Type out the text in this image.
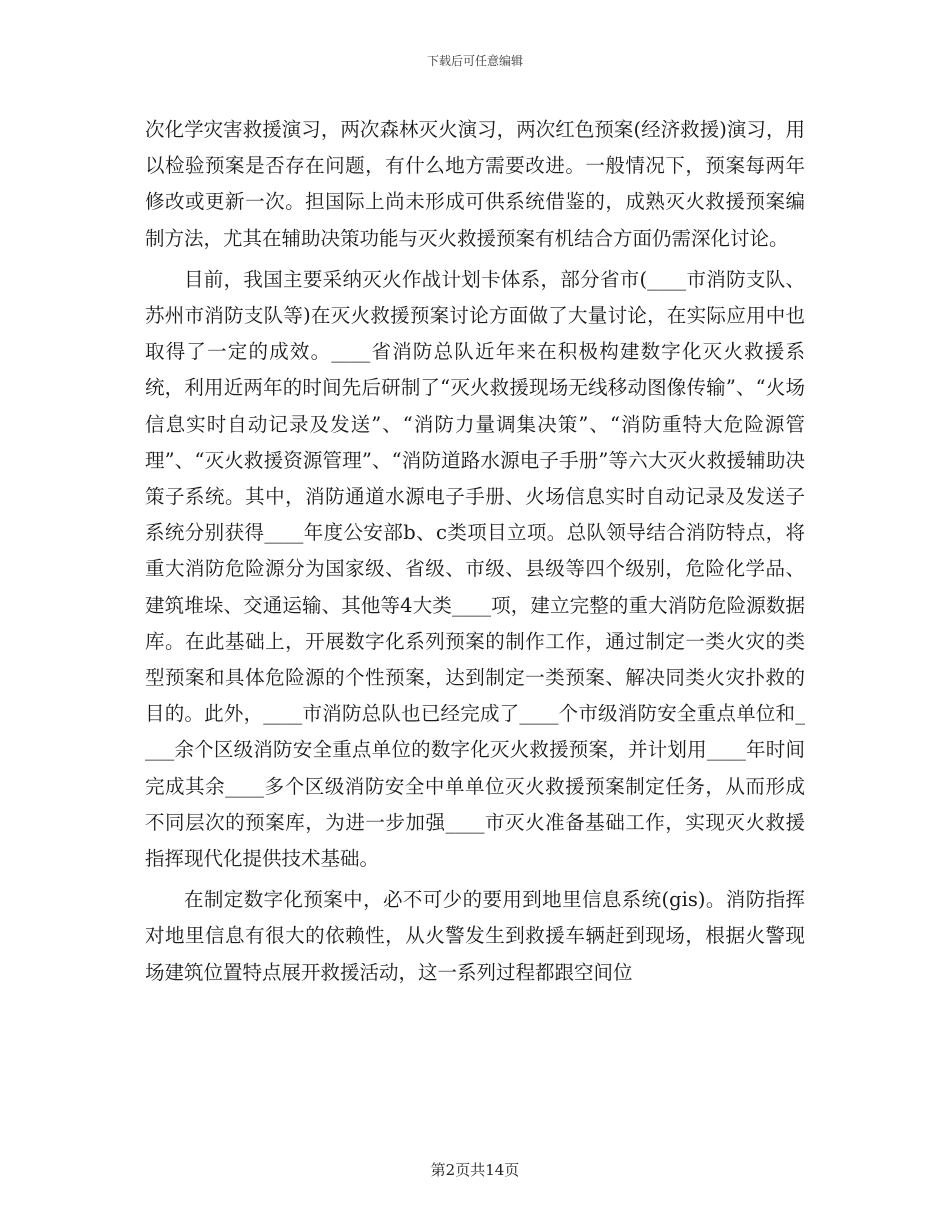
下载后可任意编辑

次化学灾害救援演习，两次森林灭火演习，两次红色预案(经济救援)演习，用以检验预案是否存在问题，有什么地方需要改进。一般情况下，预案每两年修改或更新一次。担国际上尚未形成可供系统借鉴的，成熟灭火救援预案编制方法，尤其在辅助决策功能与灭火救援预案有机结合方面仍需深化讨论。

目前，我国主要采纳灭火作战计划卡体系，部分省市(____市消防支队、苏州市消防支队等)在灭火救援预案讨论方面做了大量讨论，在实际应用中也取得了一定的成效。____省消防总队近年来在积极构建数字化灭火救援系统，利用近两年的时间先后研制了“灭火救援现场无线移动图像传输”、“火场信息实时自动记录及发送”、“消防力量调集决策”、“消防重特大危险源管理”、“灭火救援资源管理”、“消防道路水源电子手册”等六大灭火救援辅助决策子系统。其中，消防通道水源电子手册、火场信息实时自动记录及发送子系统分别获得____年度公安部b、c类项目立项。总队领导结合消防特点，将重大消防危险源分为国家级、省级、市级、县级等四个级别，危险化学品、建筑堆垛、交通运输、其他等4大类____项，建立完整的重大消防危险源数据库。在此基础上，开展数字化系列预案的制作工作，通过制定一类火灾的类型预案和具体危险源的个性预案，达到制定一类预案、解决同类火灾扑救的目的。此外，____市消防总队也已经完成了____个市级消防安全重点单位和____余个区级消防安全重点单位的数字化灭火救援预案，并计划用____年时间完成其余____多个区级消防安全中单单位灭火救援预案制定任务，从而形成不同层次的预案库，为进一步加强____市灭火准备基础工作，实现灭火救援指挥现代化提供技术基础。

在制定数字化预案中，必不可少的要用到地里信息系统(gis)。消防指挥对地里信息有很大的依赖性，从火警发生到救援车辆赶到现场，根据火警现场建筑位置特点展开救援活动，这一系列过程都跟空间位

第2页共14页
